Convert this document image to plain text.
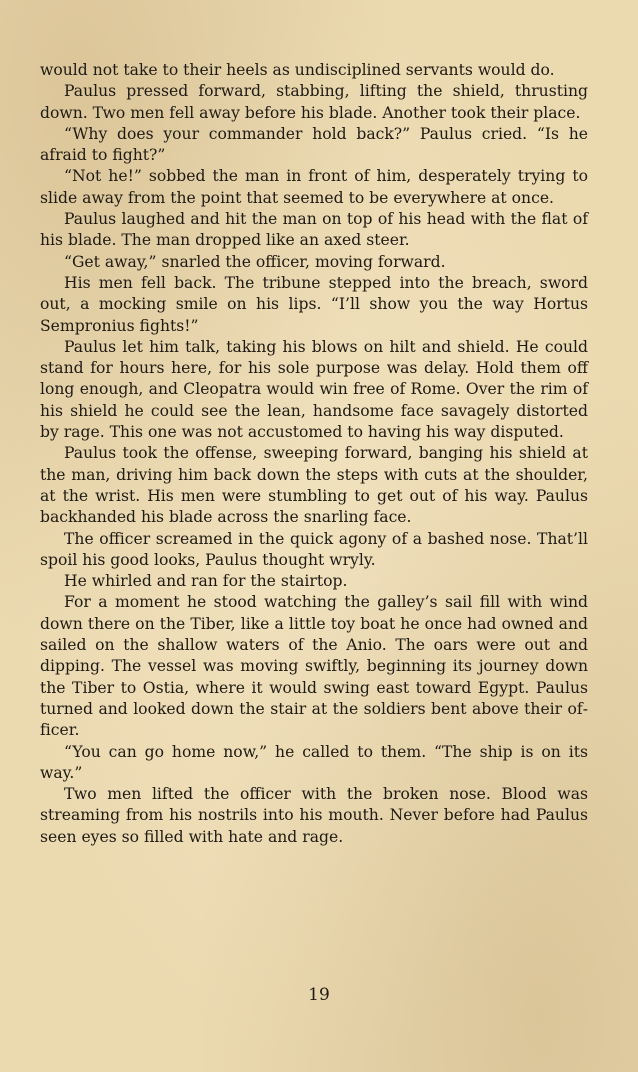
would not take to their heels as undisciplined servants would do.

Paulus pressed forward, stabbing, lifting the shield, thrusting down. Two men fell away before his blade. Another took their place.

“Why does your commander hold back?” Paulus cried. “Is he afraid to fight?”

“Not he!” sobbed the man in front of him, desperately trying to slide away from the point that seemed to be everywhere at once.

Paulus laughed and hit the man on top of his head with the flat of his blade. The man dropped like an axed steer.

“Get away,” snarled the officer, moving forward.

His men fell back. The tribune stepped into the breach, sword out, a mocking smile on his lips. “I’ll show you the way Hortus Sempronius fights!”

Paulus let him talk, taking his blows on hilt and shield. He could stand for hours here, for his sole purpose was delay. Hold them off long enough, and Cleopatra would win free of Rome. Over the rim of his shield he could see the lean, handsome face savagely distorted by rage. This one was not accustomed to having his way disputed.

Paulus took the offense, sweeping forward, banging his shield at the man, driving him back down the steps with cuts at the shoulder, at the wrist. His men were stumbling to get out of his way. Paulus backhanded his blade across the snarling face.

The officer screamed in the quick agony of a bashed nose. That’ll spoil his good looks, Paulus thought wryly.

He whirled and ran for the stairtop.

For a moment he stood watching the galley’s sail fill with wind down there on the Tiber, like a little toy boat he once had owned and sailed on the shallow waters of the Anio. The oars were out and dipping. The vessel was moving swiftly, beginning its journey down the Tiber to Ostia, where it would swing east toward Egypt. Paulus turned and looked down the stair at the soldiers bent above their officer.

“You can go home now,” he called to them. “The ship is on its way.”

Two men lifted the officer with the broken nose. Blood was streaming from his nostrils into his mouth. Never before had Paulus seen eyes so filled with hate and rage.

19
